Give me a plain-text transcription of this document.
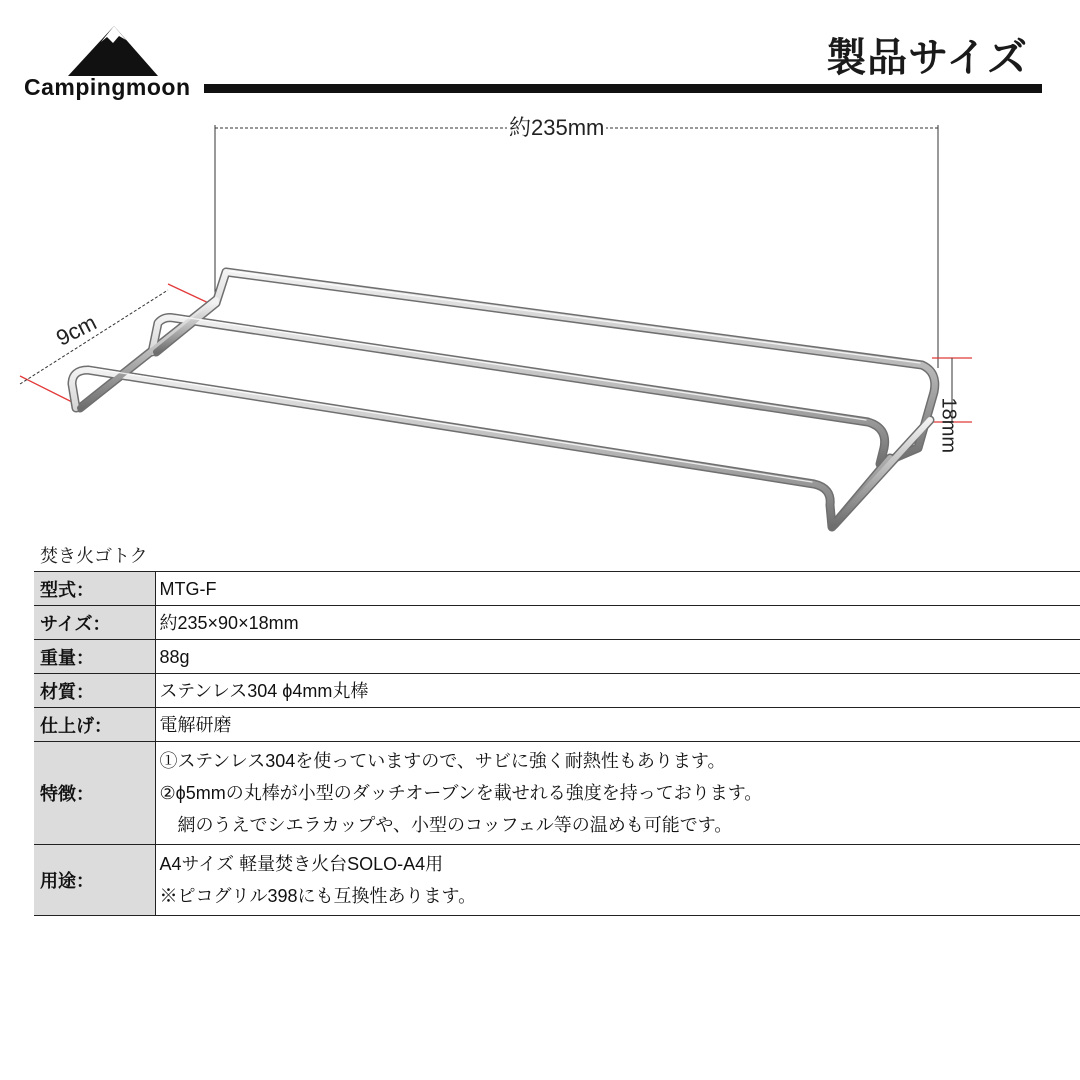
Campingmoon
製品サイズ
約235mm
9cm
18mm
焚き火ゴトク
型式：	MTG-F

サイズ：	約235×90×18mm

重量：	88g

材質：	ステンレス304 ϕ4mm丸棒

仕上げ：	電解研磨

特徴：	①ステンレス304を使っていますので、サビに強く耐熱性もあります。
②ϕ5mmの丸棒が小型のダッチオーブンを載せれる強度を持っております。
　網のうえでシエラカップや、小型のコッフェル等の温めも可能です。

用途：	A4サイズ 軽量焚き火台SOLO-A4用
※ピコグリル398にも互換性あります。
